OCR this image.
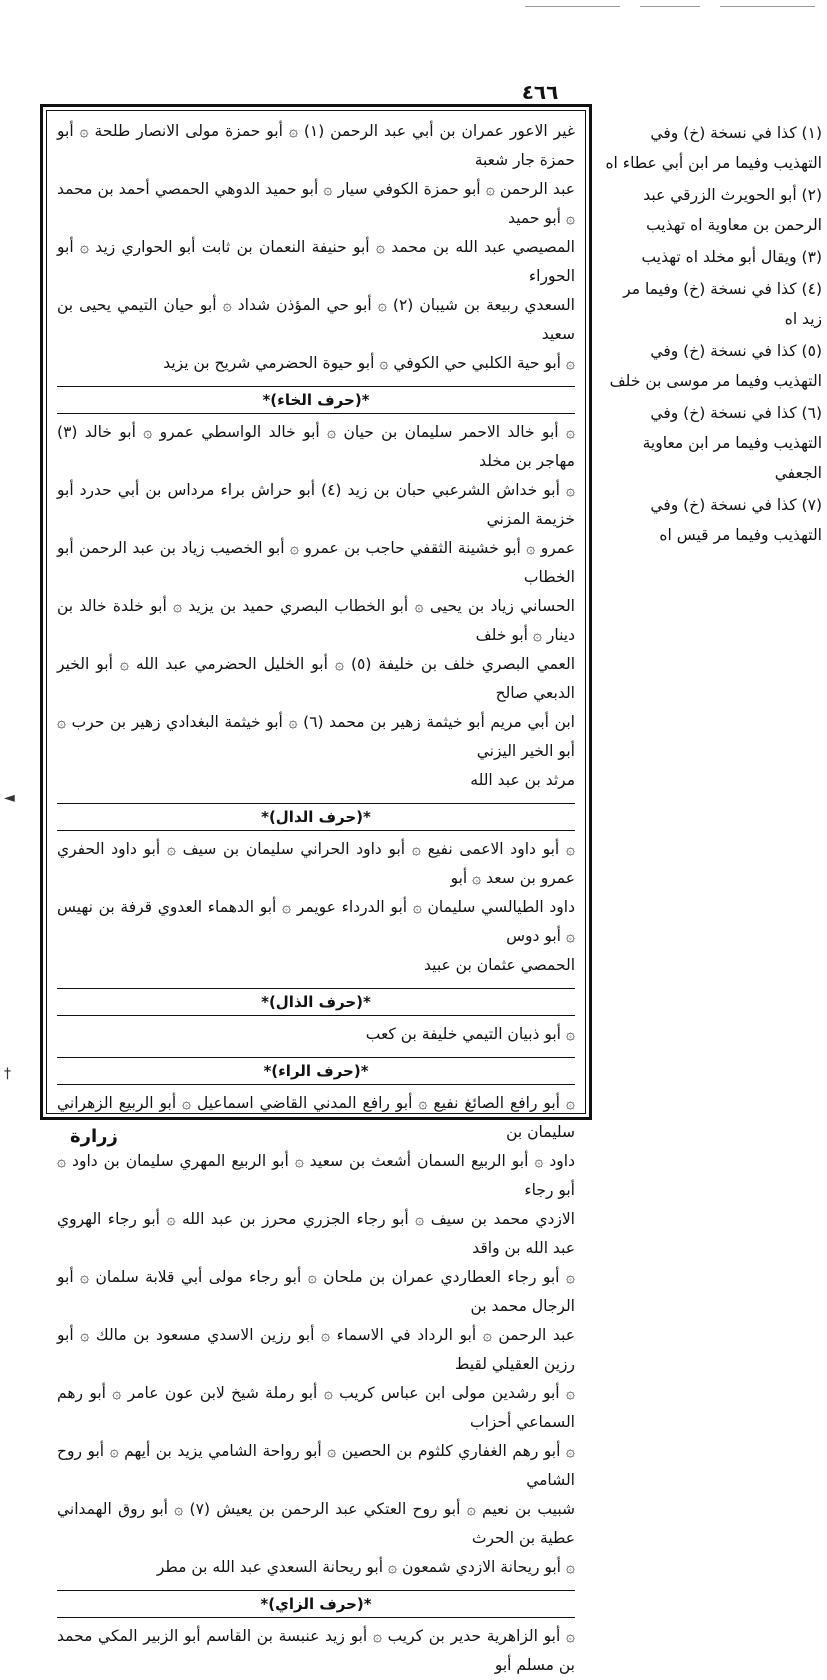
٤٦٦

غير الاعور عمران بن أبي عبد الرحمن (١) ۞ أبو حمزة مولى الانصار طلحة ۞ أبو حمزة جار شعبة

عبد الرحمن ۞ أبو حمزة الكوفي سيار ۞ أبو حميد الدوهي الحمصي أحمد بن محمد ۞ أبو حميد

المصيصي عبد الله بن محمد ۞ أبو حنيفة النعمان بن ثابت أبو الحواري زيد ۞ أبو الحوراء

السعدي ربيعة بن شيبان (٢) ۞ أبو حي المؤذن شداد ۞ أبو حيان التيمي يحيى بن سعيد

۞ أبو حية الكلبي حي الكوفي ۞ أبو حيوة الحضرمي شريح بن يزيد

*(حرف الخاء)*

۞ أبو خالد الاحمر سليمان بن حيان ۞ أبو خالد الواسطي عمرو ۞ أبو خالد (٣) مهاجر بن مخلد

۞ أبو خداش الشرعبي حبان بن زيد (٤) أبو حراش براء مرداس بن أبي حدرد أبو خزيمة المزني

عمرو ۞ أبو خشينة الثقفي حاجب بن عمرو ۞ أبو الخصيب زياد بن عبد الرحمن أبو الخطاب

الحساني زياد بن يحيى ۞ أبو الخطاب البصري حميد بن يزيد ۞ أبو خلدة خالد بن دينار ۞ أبو خلف

العمي البصري خلف بن خليفة (٥) ۞ أبو الخليل الحضرمي عبد الله ۞ أبو الخير الدبعي صالح

ابن أبي مريم أبو خيثمة زهير بن محمد (٦) ۞ أبو خيثمة البغدادي زهير بن حرب ۞ أبو الخير اليزني

مرثد بن عبد الله

*(حرف الدال)*

۞ أبو داود الاعمى نفيع ۞ أبو داود الحراني سليمان بن سيف ۞ أبو داود الحفري عمرو بن سعد ۞ أبو

داود الطيالسي سليمان ۞ أبو الدرداء عويمر ۞ أبو الدهماء العدوي قرفة بن نهيس ۞ أبو دوس

الحمصي عثمان بن عبيد

*(حرف الذال)*

۞ أبو ذبيان التيمي خليفة بن كعب

*(حرف الراء)*

۞ أبو رافع الصائغ نفيع ۞ أبو رافع المدني القاضي اسماعيل ۞ أبو الربيع الزهراني سليمان بن

داود ۞ أبو الربيع السمان أشعث بن سعيد ۞ أبو الربيع المهري سليمان بن داود ۞ أبو رجاء

الازدي محمد بن سيف ۞ أبو رجاء الجزري محرز بن عبد الله ۞ أبو رجاء الهروي عبد الله بن واقد

۞ أبو رجاء العطاردي عمران بن ملحان ۞ أبو رجاء مولى أبي قلابة سلمان ۞ أبو الرجال محمد بن

عبد الرحمن ۞ أبو الرداد في الاسماء ۞ أبو رزين الاسدي مسعود بن مالك ۞ أبو رزين العقيلي لقيط

۞ أبو رشدين مولى ابن عباس كريب ۞ أبو رملة شيخ لابن عون عامر ۞ أبو رهم السماعي أحزاب

۞ أبو رهم الغفاري كلثوم بن الحصين ۞ أبو رواحة الشامي يزيد بن أيهم ۞ أبو روح الشامي

شبيب بن نعيم ۞ أبو روح العتكي عبد الرحمن بن يعيش (٧) ۞ أبو روق الهمداني عطية بن الحرث

۞ أبو ريحانة الازدي شمعون ۞ أبو ريحانة السعدي عبد الله بن مطر

*(حرف الزاي)*

۞ أبو الزاهرية حدير بن كريب ۞ أبو زيد عنبسة بن القاسم أبو الزبير المكي محمد بن مسلم أبو

(١) كذا في نسخة (خ) وفي التهذيب وفيما مر ابن أبي عطاء اه

(٢) أبو الحويرث الزرقي عبد الرحمن بن معاوية اه تهذيب

(٣) ويقال أبو مخلد اه تهذيب

(٤) كذا في نسخة (خ) وفيما مر زيد اه

(٥) كذا في نسخة (خ) وفي التهذيب وفيما مر موسى بن خلف

(٦) كذا في نسخة (خ) وفي التهذيب وفيما مر ابن معاوية الجعفي

(٧) كذا في نسخة (خ) وفي التهذيب وفيما مر قيس اه

زرارة
◄
†
